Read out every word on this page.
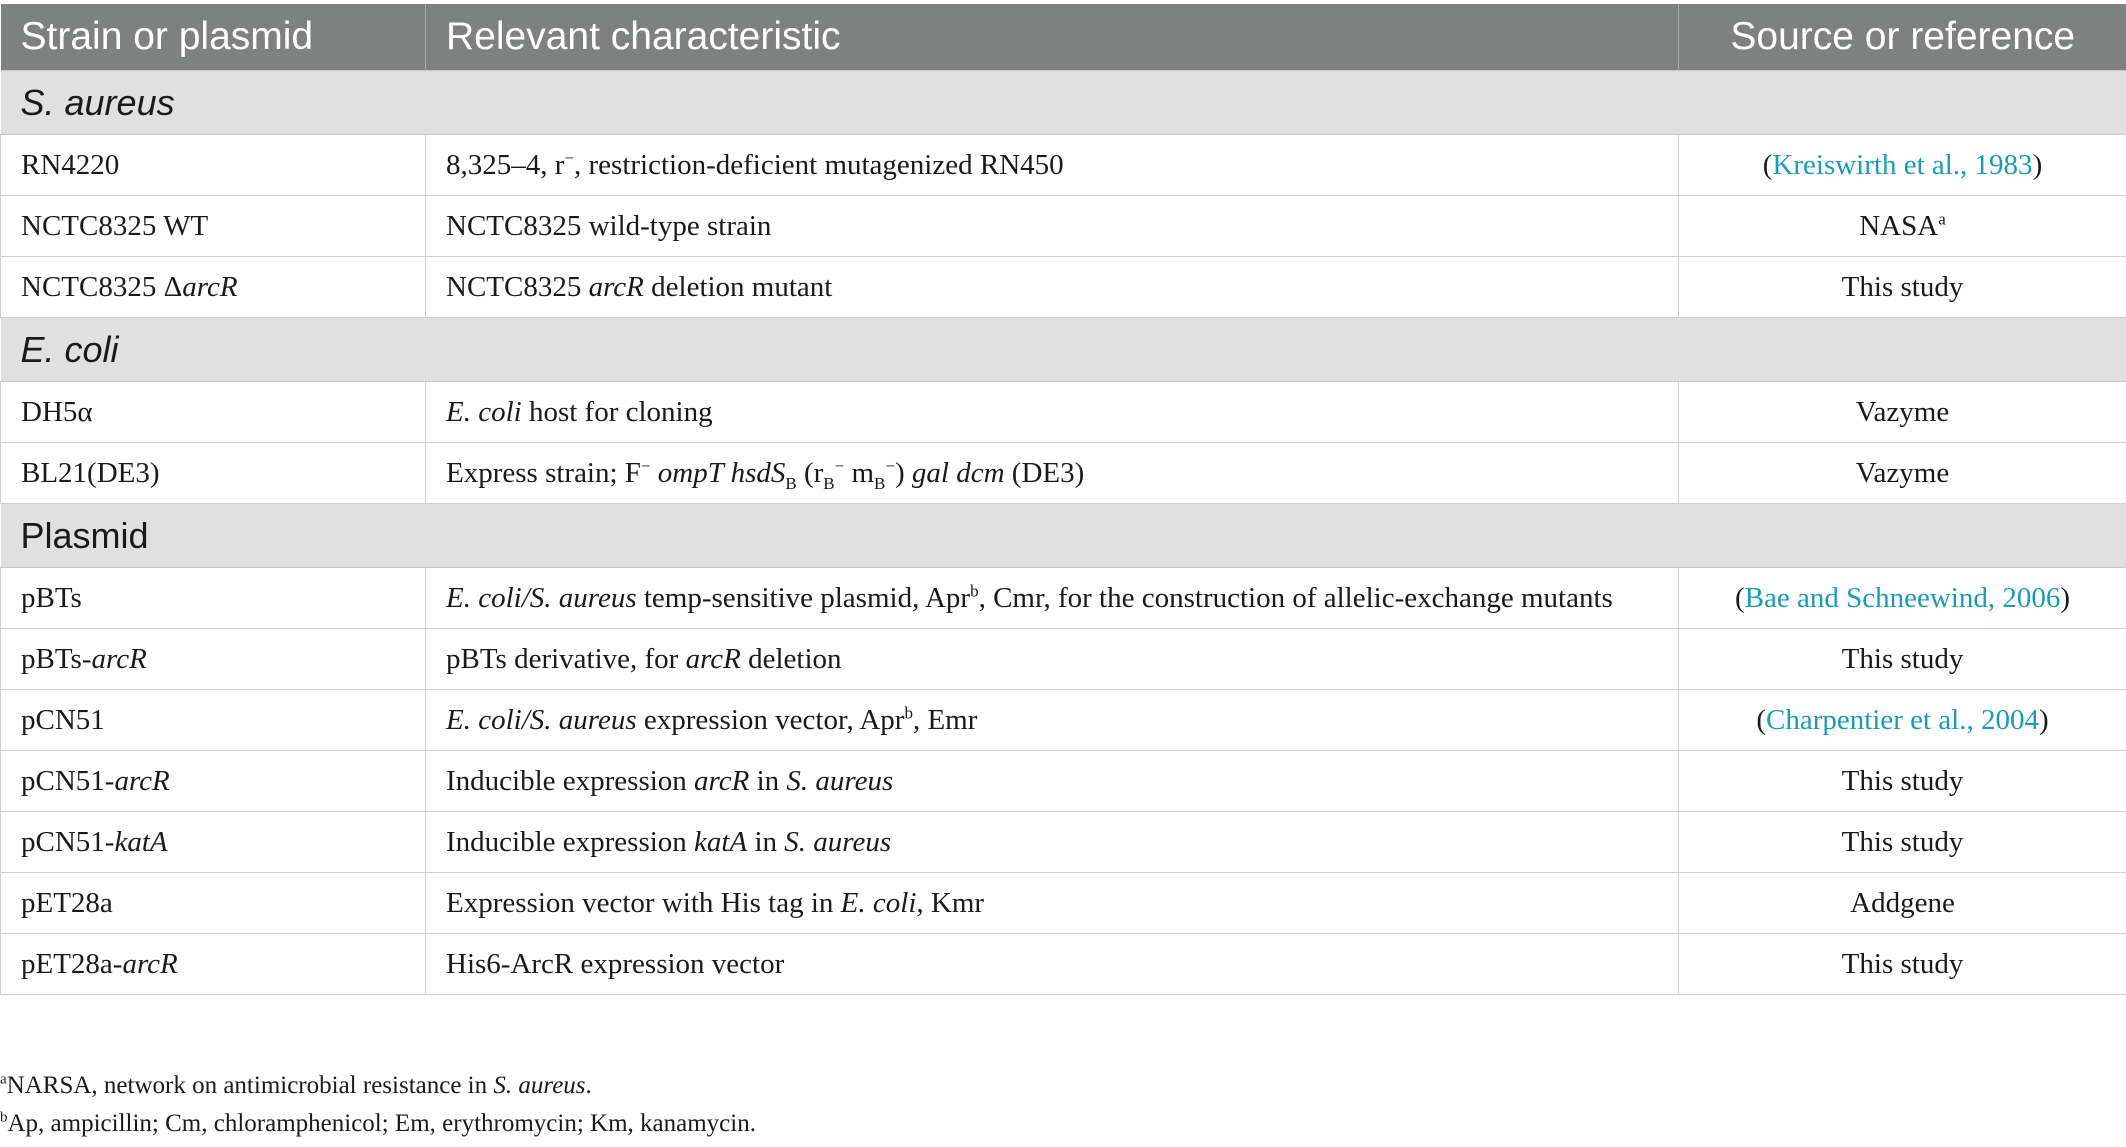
Strain or plasmid	Relevant characteristic	Source or reference
S. aureus		
RN4220	8,325–4, r−, restriction-deficient mutagenized RN450	(Kreiswirth et al., 1983)
NCTC8325 WT	NCTC8325 wild-type strain	NASA$^a$
NCTC8325 ΔarcR	NCTC8325 arcR deletion mutant	This study
E. coli		
DH5α	E. coli host for cloning	Vazyme
BL21(DE3)	Express strain; F− ompT hsdS$_B$ ($r_B^-$ $m_B^-$) gal dcm (DE3)	Vazyme
Plasmid		
pBTs	E. coli/S. aureus temp-sensitive plasmid, Apr$^b$, Cmr, for the construction of allelic-exchange mutants	(Bae and Schneewind, 2006)
pBTs-arcR	pBTs derivative, for arcR deletion	This study
pCN51	E. coli/S. aureus expression vector, Apr$^b$, Emr	(Charpentier et al., 2004)
pCN51-arcR	Inducible expression arcR in S. aureus	This study
pCN51-katA	Inducible expression katA in S. aureus	This study
pET28a	Expression vector with His tag in E. coli, Kmr	Addgene
pET28a-arcR	His6-ArcR expression vector	This study
$^a$NARSA, network on antimicrobial resistance in S. aureus.
$^b$Ap, ampicillin; Cm, chloramphenicol; Em, erythromycin; Km, kanamycin.
